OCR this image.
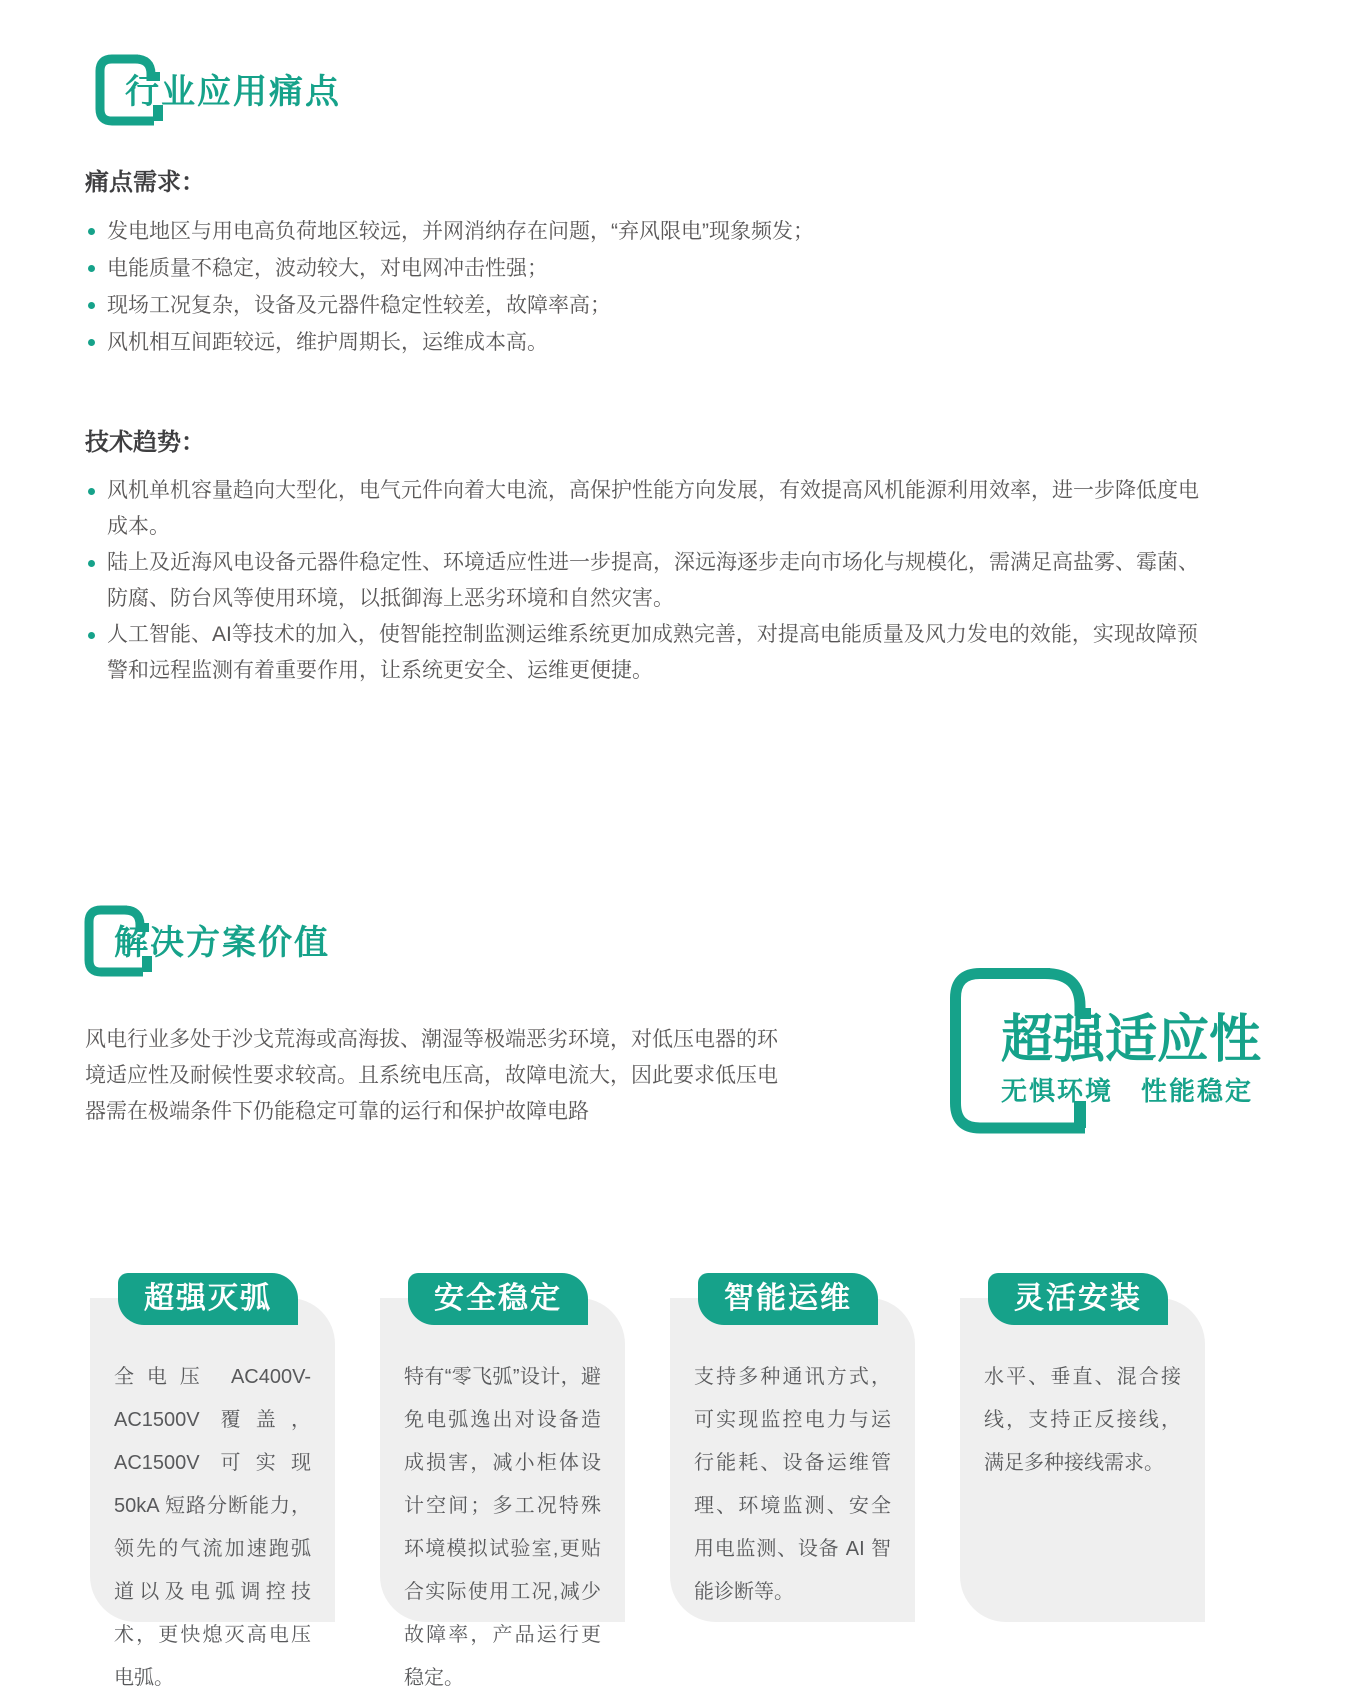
行业应用痛点
痛点需求：
发电地区与用电高负荷地区较远，并网消纳存在问题，“弃风限电”现象频发；
电能质量不稳定，波动较大，对电网冲击性强；
现场工况复杂，设备及元器件稳定性较差，故障率高；
风机相互间距较远，维护周期长，运维成本高。
技术趋势：
风机单机容量趋向大型化，电气元件向着大电流，高保护性能方向发展，有效提高风机能源利用效率，进一步降低度电成本。
陆上及近海风电设备元器件稳定性、环境适应性进一步提高，深远海逐步走向市场化与规模化，需满足高盐雾、霉菌、防腐、防台风等使用环境，以抵御海上恶劣环境和自然灾害。
人工智能、AI等技术的加入，使智能控制监测运维系统更加成熟完善，对提高电能质量及风力发电的效能，实现故障预警和远程监测有着重要作用，让系统更安全、运维更便捷。
解决方案价值

风电行业多处于沙戈荒海或高海拔、潮湿等极端恶劣环境，对低压电器的环境适应性及耐候性要求较高。且系统电压高，故障电流大，因此要求低压电器需在极端条件下仍能稳定可靠的运行和保护故障电路

超强适应性
无惧环境　性能稳定
超强灭弧
全电压 AC400V-AC1500V 覆盖，AC1500V 可实现 50kA 短路分断能力，领先的气流加速跑弧道以及电弧调控技术，更快熄灭高电压电弧。
安全稳定
特有“零飞弧”设计，避免电弧逸出对设备造成损害，减小柜体设计空间；多工况特殊环境模拟试验室,更贴合实际使用工况,减少故障率，产品运行更稳定。
智能运维
支持多种通讯方式，可实现监控电力与运行能耗、设备运维管理、环境监测、安全用电监测、设备 AI 智能诊断等。
灵活安装
水平、垂直、混合接线，支持正反接线，满足多种接线需求。
